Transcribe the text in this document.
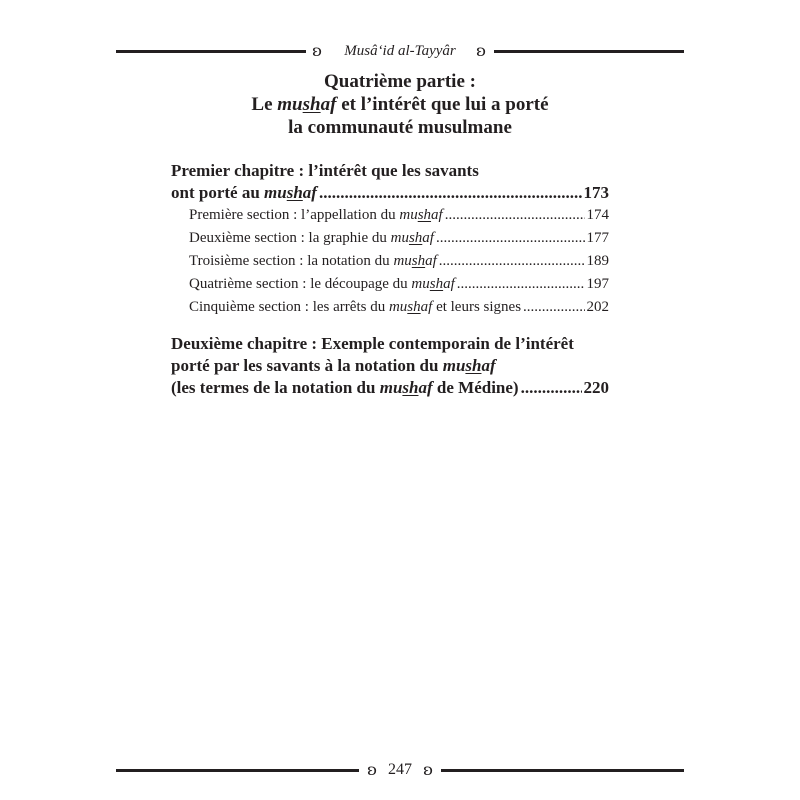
ʚ	Musâ‘id al-Tayyâr	ʚ
Quatrième partie :
Le mushaf et l’intérêt que lui a porté
la communauté musulmane
Premier chapitre : l’intérêt que les savants
ont porté au mushaf .....	173
Première section : l’appellation du mushaf .....	174
Deuxième section : la graphie du mushaf .....	177
Troisième section : la notation du mushaf .....	189
Quatrième section : le découpage du mushaf .....	197
Cinquième section : les arrêts du mushaf et leurs signes .....	202
Deuxième chapitre : Exemple contemporain de l’intérêt
porté par les savants à la notation du mushaf
(les termes de la notation du mushaf de Médine) .....	220
ʚ 247 ʚ
